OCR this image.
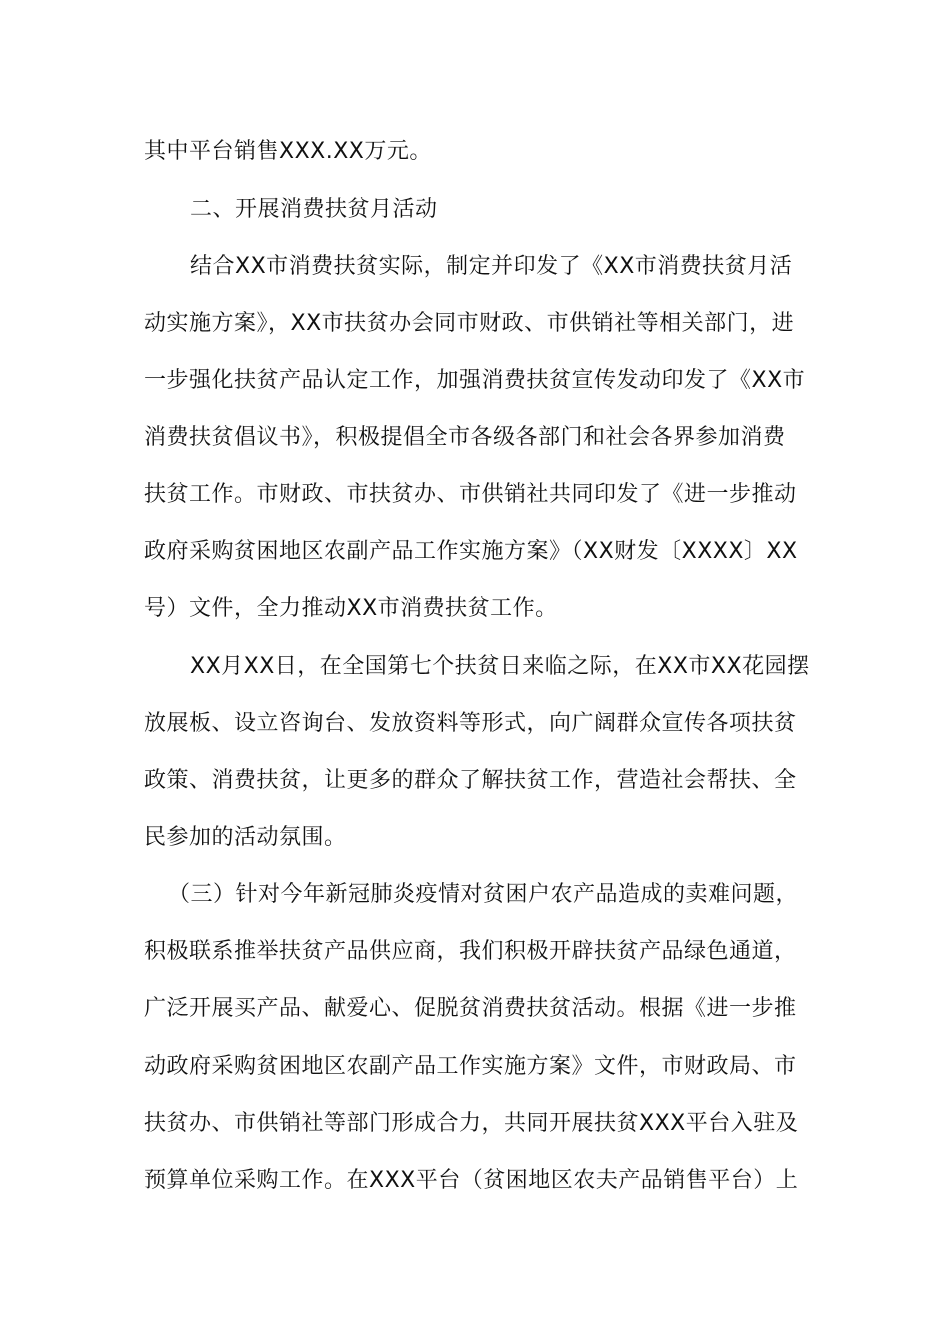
其中平台销售XXX.XX万元。
二、开展消费扶贫月活动
结合XX市消费扶贫实际，制定并印发了《XX市消费扶贫月活
动实施方案》，XX市扶贫办会同市财政、市供销社等相关部门，进
一步强化扶贫产品认定工作，加强消费扶贫宣传发动印发了《XX市
消费扶贫倡议书》，积极提倡全市各级各部门和社会各界参加消费
扶贫工作。市财政、市扶贫办、市供销社共同印发了《进一步推动
政府采购贫困地区农副产品工作实施方案》（XX财发〔XXXX〕XX
号）文件，全力推动XX市消费扶贫工作。
XX月XX日，在全国第七个扶贫日来临之际，在XX市XX花园摆
放展板、设立咨询台、发放资料等形式，向广阔群众宣传各项扶贫
政策、消费扶贫，让更多的群众了解扶贫工作，营造社会帮扶、全
民参加的活动氛围。
（三）针对今年新冠肺炎疫情对贫困户农产品造成的卖难问题，
积极联系推举扶贫产品供应商，我们积极开辟扶贫产品绿色通道，
广泛开展买产品、献爱心、促脱贫消费扶贫活动。根据《进一步推
动政府采购贫困地区农副产品工作实施方案》文件，市财政局、市
扶贫办、市供销社等部门形成合力，共同开展扶贫XXX平台入驻及
预算单位采购工作。在XXX平台（贫困地区农夫产品销售平台）上
